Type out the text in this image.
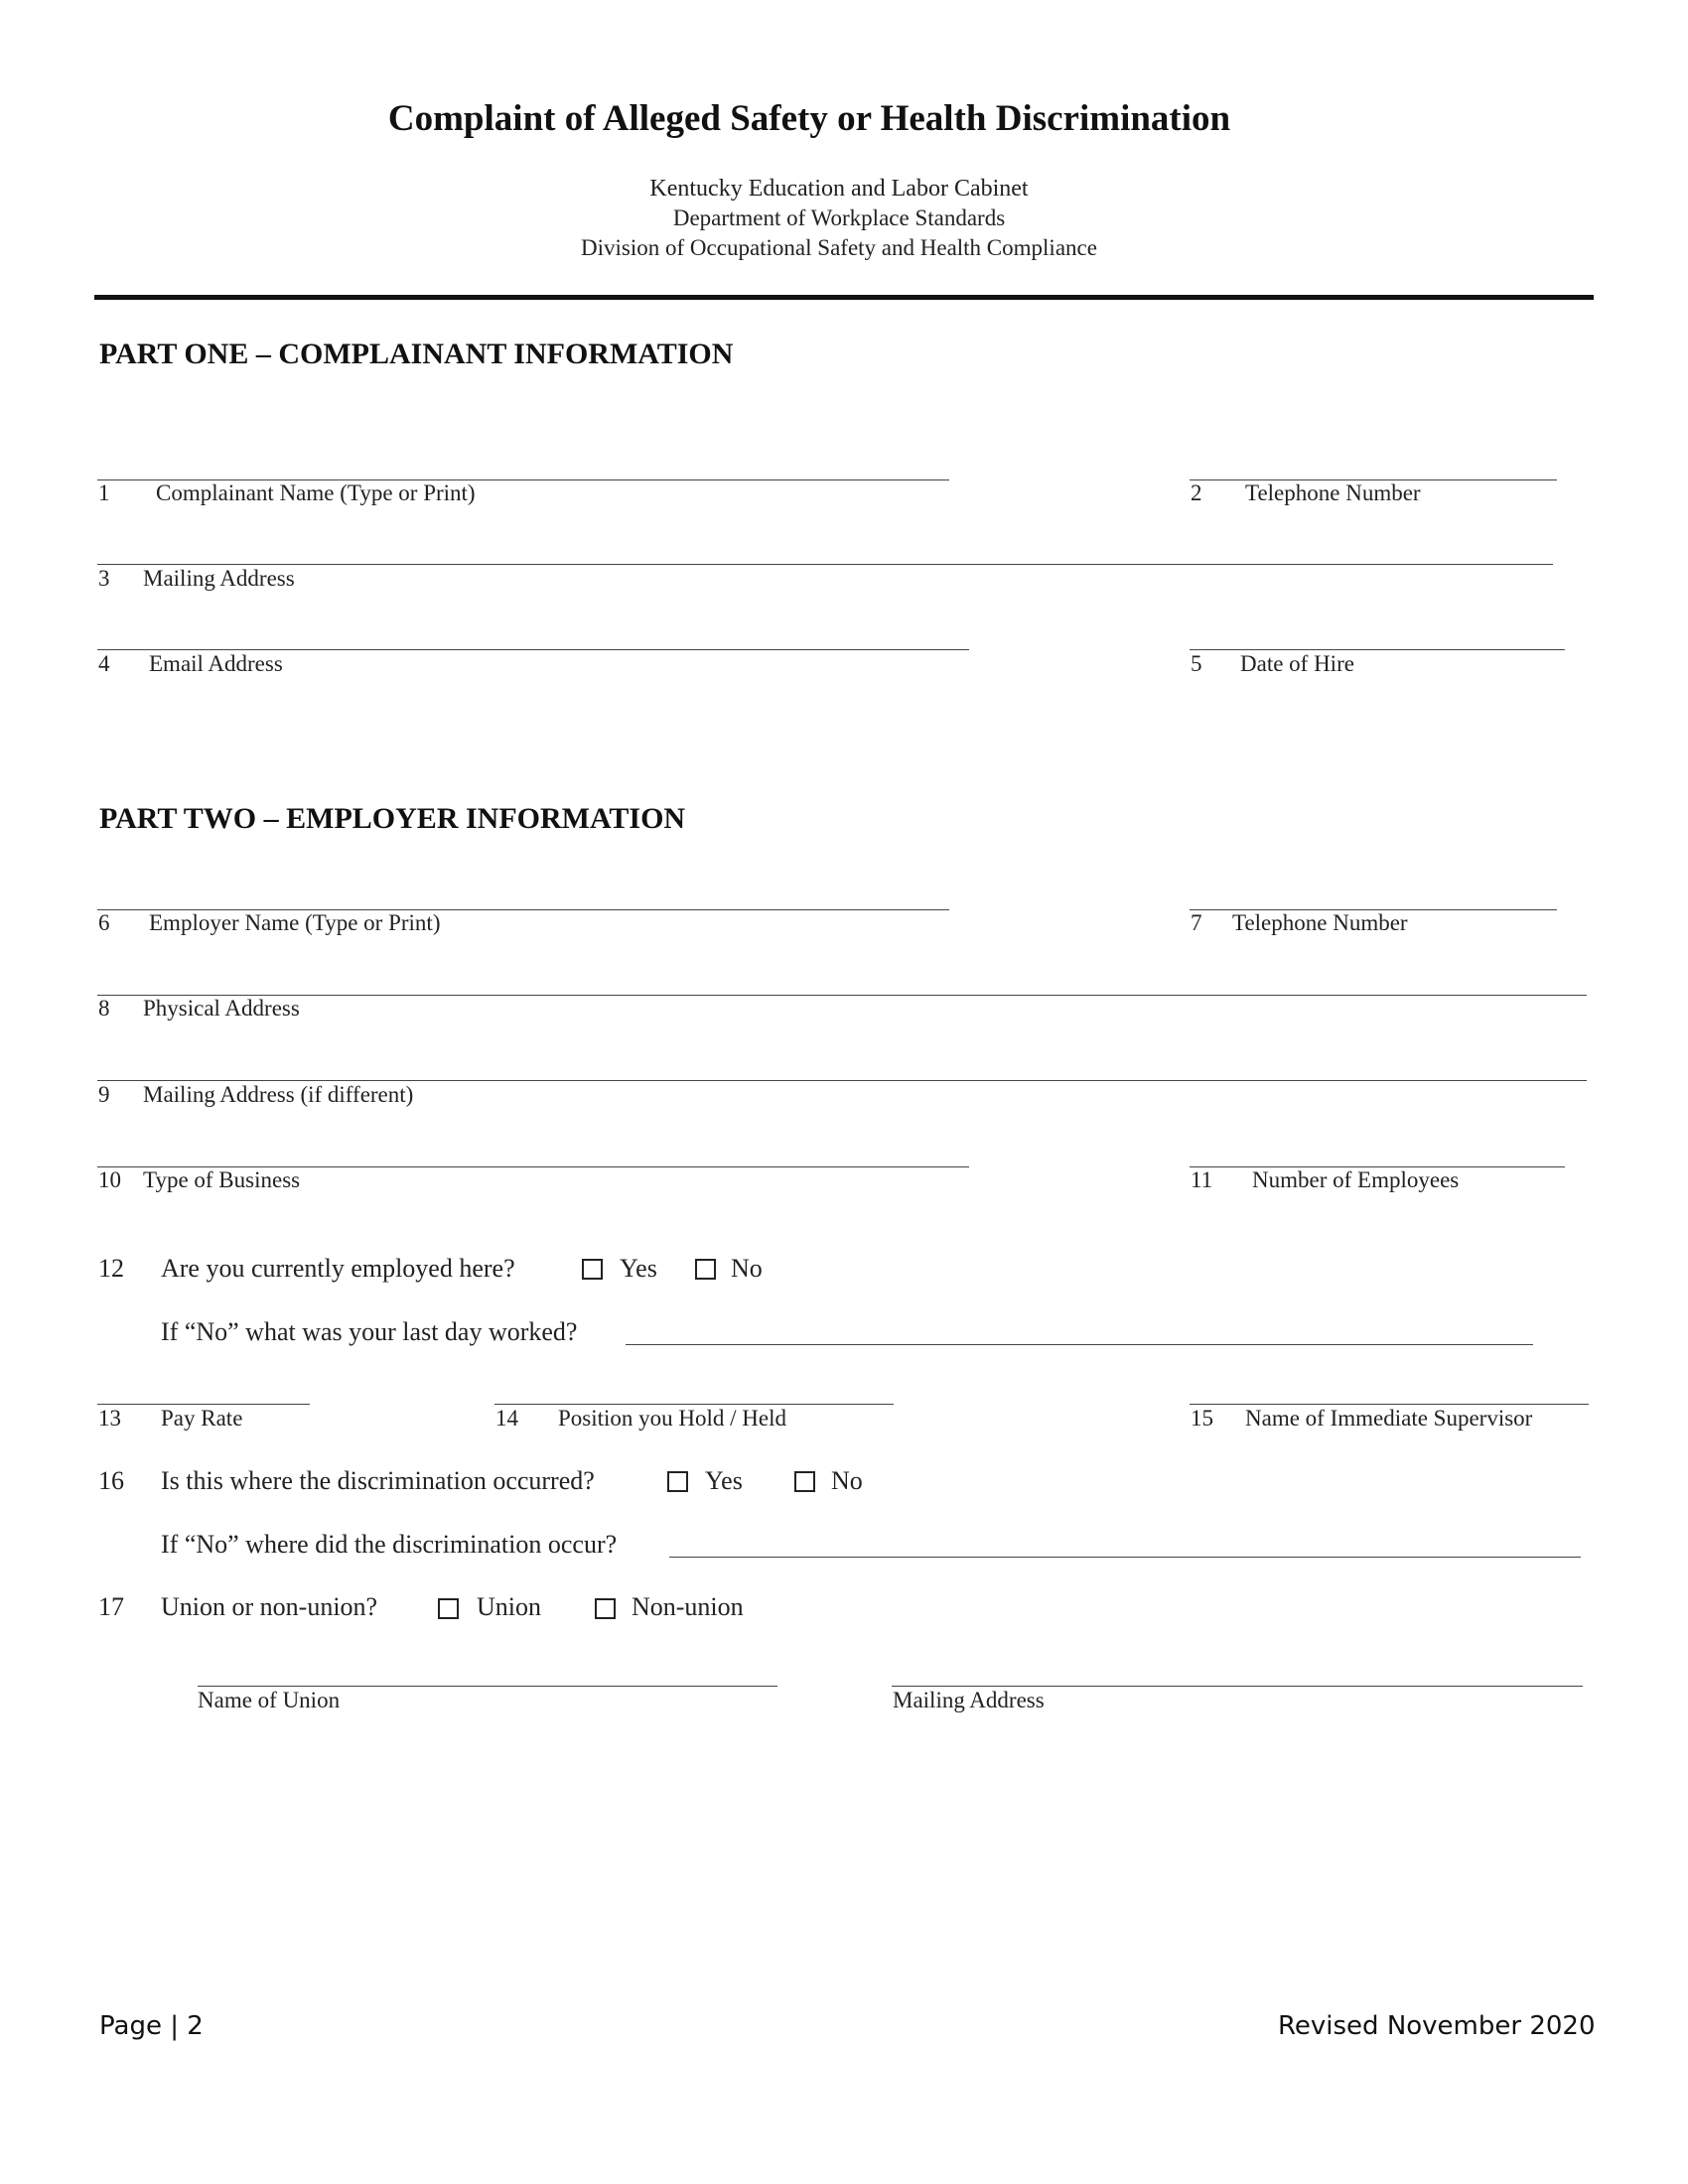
Complaint of Alleged Safety or Health Discrimination
Kentucky Education and Labor Cabinet
Department of Workplace Standards
Division of Occupational Safety and Health Compliance
PART ONE – COMPLAINANT INFORMATION
1 Complainant Name (Type or Print)	2 Telephone Number
3 Mailing Address
4 Email Address	5 Date of Hire
PART TWO – EMPLOYER INFORMATION
6 Employer Name (Type or Print)	7 Telephone Number
8 Physical Address
9 Mailing Address (if different)
10 Type of Business	11 Number of Employees
12 Are you currently employed here?	Yes	No
If “No” what was your last day worked?
13 Pay Rate	14 Position you Hold / Held	15 Name of Immediate Supervisor
16 Is this where the discrimination occurred?	Yes	No
If “No” where did the discrimination occur?
17 Union or non-union?	Union	Non-union
Name of Union	Mailing Address
Page | 2	Revised November 2020
